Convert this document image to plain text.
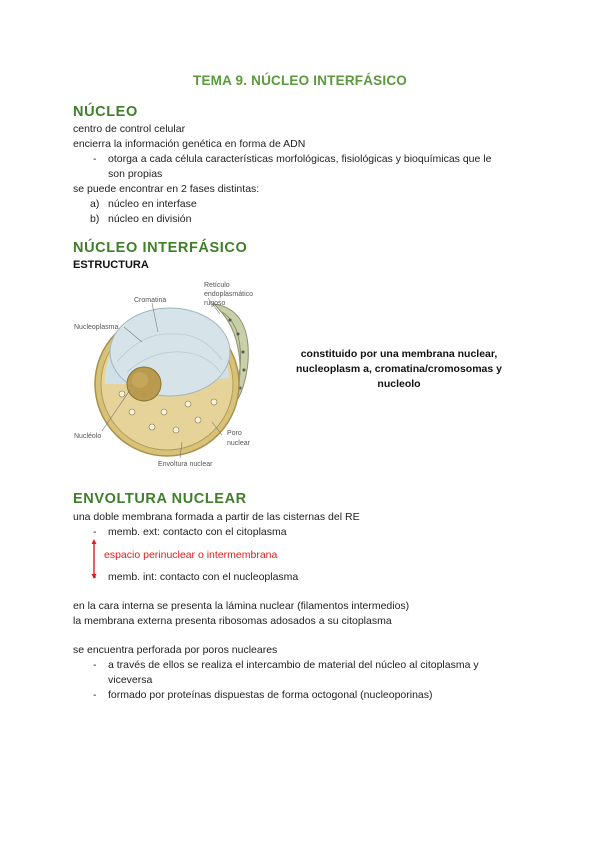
TEMA 9. NÚCLEO INTERFÁSICO
NÚCLEO
centro de control celular
encierra la información genética en forma de ADN
- otorga a cada célula características morfológicas, fisiológicas y bioquímicas que le
son propias
se puede encontrar en 2 fases distintas:
a) núcleo en interfase
b) núcleo en división
NÚCLEO INTERFÁSICO
ESTRUCTURA
Cromatina
Retículo
endoplasmático
rugoso
Nucleoplasma
Nucléolo	Poro
nuclear
Envoltura nuclear
constituido por una membrana nuclear,
nucleoplasm a, cromatina/cromosomas y
nucleolo
ENVOLTURA NUCLEAR
una doble membrana formada a partir de las cisternas del RE
- memb. ext: contacto con el citoplasma
espacio perinuclear o intermembrana
- memb. int: contacto con el nucleoplasma
en la cara interna se presenta la lámina nuclear (filamentos intermedios)
la membrana externa presenta ribosomas adosados a su citoplasma
se encuentra perforada por poros nucleares
- a través de ellos se realiza el intercambio de material del núcleo al citoplasma y
viceversa
- formado por proteínas dispuestas de forma octogonal (nucleoporinas)
